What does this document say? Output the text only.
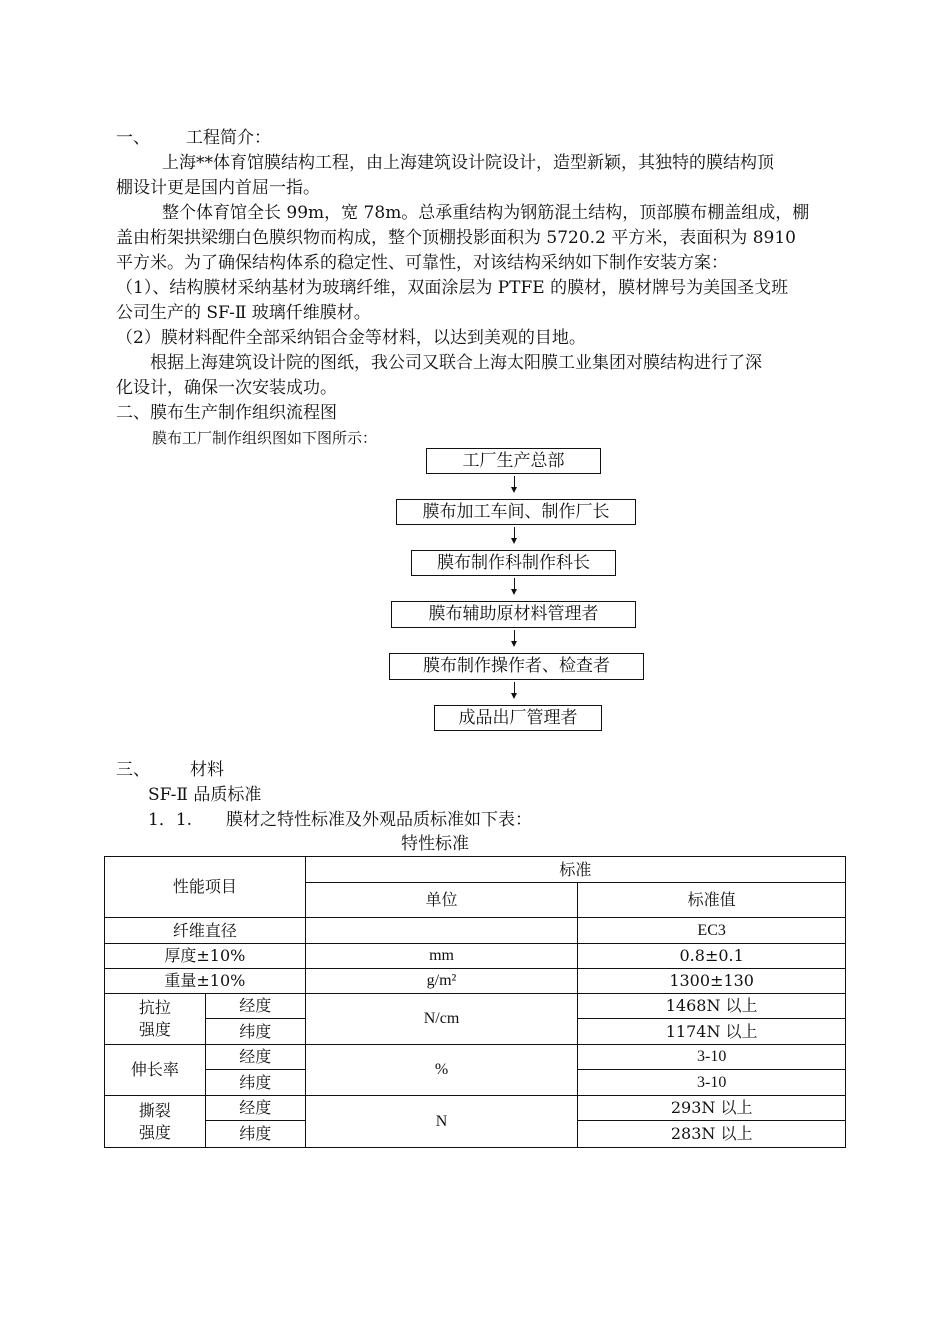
一、 工程简介：
上海**体育馆膜结构工程，由上海建筑设计院设计，造型新颖，其独特的膜结构顶
棚设计更是国内首屈一指。
整个体育馆全长 99m，宽 78m。总承重结构为钢筋混土结构，顶部膜布棚盖组成，棚
盖由桁架拱梁绷白色膜织物而构成，整个顶棚投影面积为 5720.2 平方米，表面积为 8910
平方米。为了确保结构体系的稳定性、可靠性，对该结构采纳如下制作安装方案：
（1）、结构膜材采纳基材为玻璃纤维，双面涂层为 PTFE 的膜材，膜材牌号为美国圣戈班
公司生产的 SF-Ⅱ 玻璃仟维膜材。
（2）膜材料配件全部采纳铝合金等材料，以达到美观的目地。
根据上海建筑设计院的图纸，我公司又联合上海太阳膜工业集团对膜结构进行了深
化设计，确保一次安装成功。
二、膜布生产制作组织流程图
膜布工厂制作组织图如下图所示：
工厂生产总部
膜布加工车间、制作厂长
膜布制作科制作科长
膜布辅助原材料管理者
膜布制作操作者、检查者
成品出厂管理者
三、 材料
SF-Ⅱ 品质标准
1．1. 膜材之特性标准及外观品质标准如下表：
特性标准
性能项目		标准	
		单位	标准值
纤维直径			EC3
厚度±10%		mm	0.8±0.1
重量±10%		g/m²	1300±130
抗拉
强度	经度	N/cm	1468N 以上
	纬度		1174N 以上
伸长率	经度	%	3-10
	纬度		3-10
撕裂
强度	经度	N	293N 以上
	纬度		283N 以上
